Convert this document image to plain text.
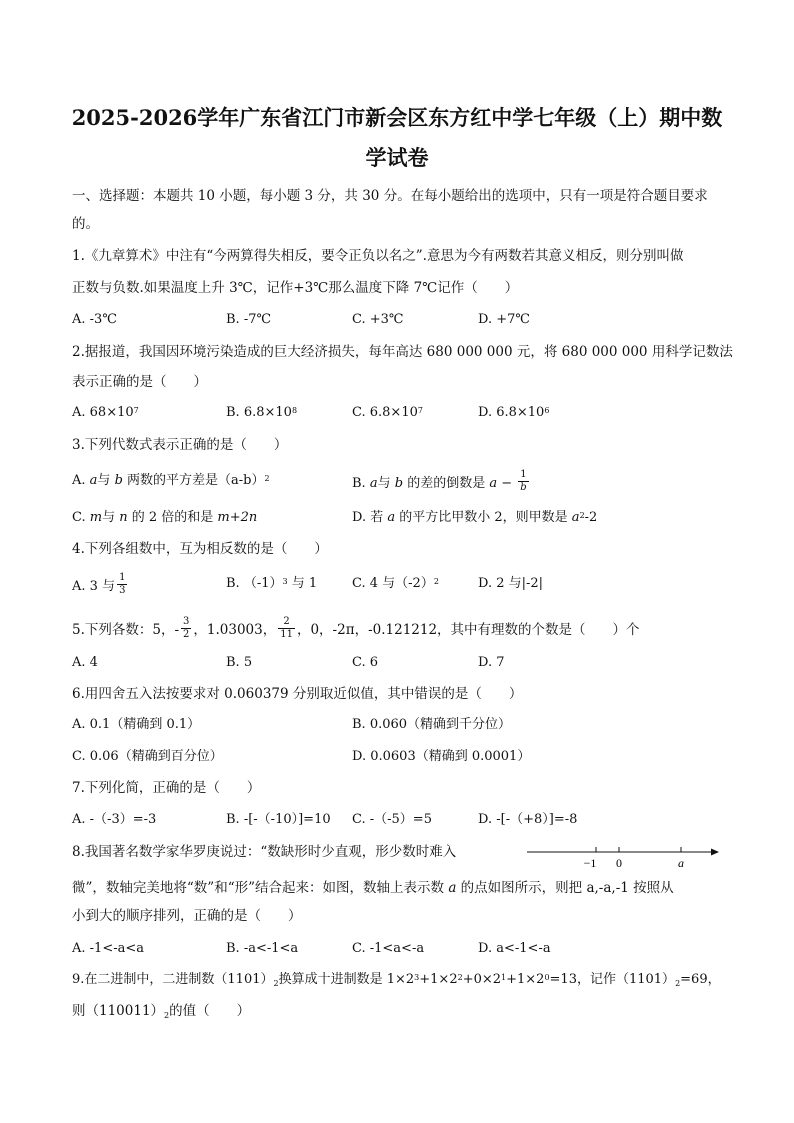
2025-2026学年广东省江门市新会区东方红中学七年级（上）期中数
学试卷
一、选择题：本题共 10 小题，每小题 3 分，共 30 分。在每小题给出的选项中，只有一项是符合题目要求
的。
1.《九章算术》中注有“今两算得失相反，要令正负以名之”.意思为今有两数若其意义相反，则分别叫做
正数与负数.如果温度上升 3℃，记作+3℃那么温度下降 7℃记作（　　）
A. -3℃	B. -7℃	C. +3℃	D. +7℃
2.据报道，我国因环境污染造成的巨大经济损失，每年高达 680 000 000 元，将 680 000 000 用科学记数法
表示正确的是（　　）
A. $68\times 10^7$	B. $6.8\times 10^8$	C. $6.8\times 10^7$	D. $6.8\times 10^6$
3.下列代数式表示正确的是（　　）
A. a与 b 两数的平方差是$(a-b)^2$	B. a与 b 的差的倒数是 $a - \frac{1}{b}$
C. m与 n 的 2 倍的和是 m+2n	D. 若 a 的平方比甲数小 2，则甲数是 $a^2-2$
4.下列各组数中，互为相反数的是（　　）
A. 3 与 $\frac{1}{3}$	B. $(-1)^3$ 与 1	C. 4 与$(-2)^2$	D. 2 与|-2|
5.下列各数：5，- $\frac{3}{2}$ ，1.03003， $\frac{2}{11}$ ，0，-2π，-0.121212，其中有理数的个数是（　　）个
A. 4	B. 5	C. 6	D. 7
6.用四舍五入法按要求对 0.060379 分别取近似值，其中错误的是（　　）
A. 0.1（精确到 0.1）	B. 0.060（精确到千分位）
C. 0.06（精确到百分位）	D. 0.0603（精确到 0.0001）
7.下列化简，正确的是（　　）
A. -（-3）=-3	B. -[-（-10）]=10 C. -（-5）=5	D. -[-（+8）]=-8
8.我国著名数学家华罗庚说过：“数缺形时少直观，形少数时难入
−1 0	a
微”，数轴完美地将“数”和“形”结合起来：如图，数轴上表示数 a 的点如图所示，则把 a,-a,-1 按照从
小到大的顺序排列，正确的是（　　）
A. -1<-a<a	B. -a<-1<a	C. -1<a<-a	D. a<-1<-a
9.在二进制中，二进制数$(1101)_2$换算成十进制数是 $1\times 2^3+1\times 2^2+0\times 2^1+1\times 2^0=13$，记作$(1101)_2=69$，
则$(110011)_2$的值（　　）
